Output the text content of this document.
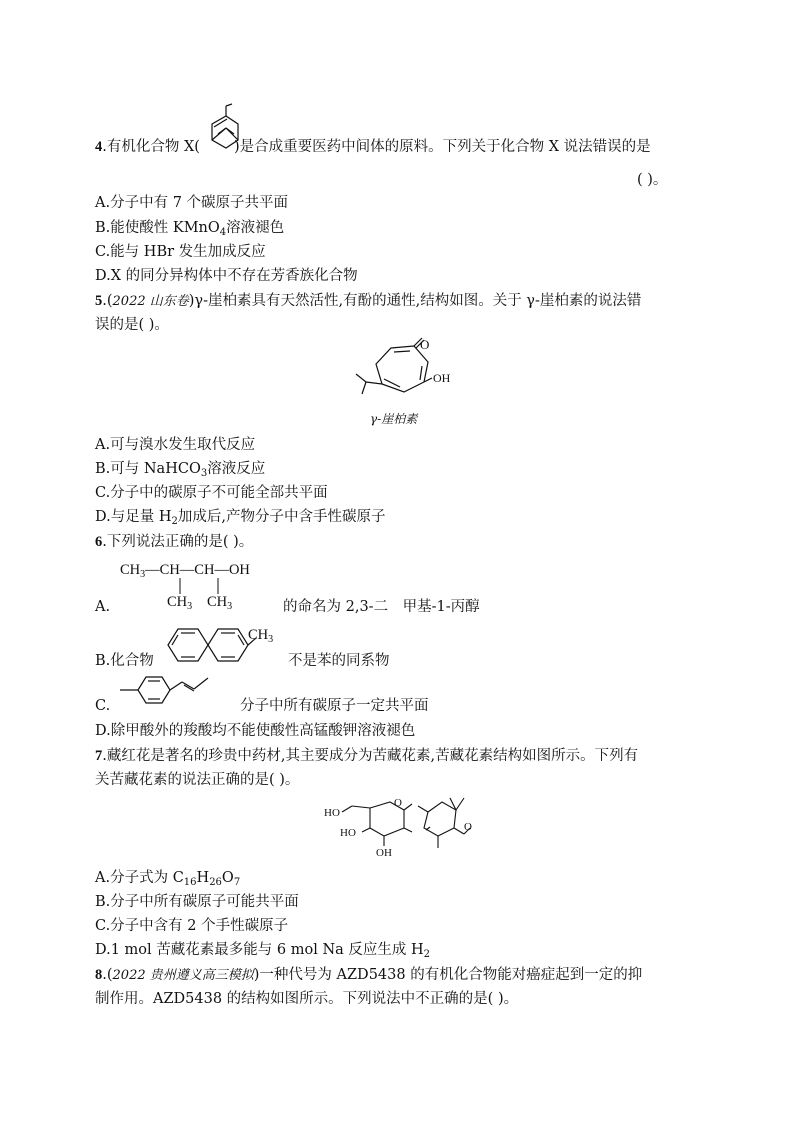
4.有机化合物 X( )是合成重要医药中间体的原料。下列关于化合物 X 说法错误的是
( )。
A.分子中有 7 个碳原子共平面
B.能使酸性 KMnO$_4$溶液褪色
C.能与 HBr 发生加成反应
D.X 的同分异构体中不存在芳香族化合物
5.(2022 山东卷)γ-崖柏素具有天然活性,有酚的通性,结构如图。关于 γ-崖柏素的说法错
误的是( )。
O
OH
γ-崖柏素
A.可与溴水发生取代反应
B.可与 NaHCO$_3$溶液反应
C.分子中的碳原子不可能全部共平面
D.与足量 $H_2$加成后,产物分子中含手性碳原子
6.下列说法正确的是( )。
$CH_3—CH—CH—OH$
$CH_3$ $CH_3$
A.	的命名为 2,3-二　甲基-1-丙醇
B.化合物
$CH_3$
不是苯的同系物
C.	分子中所有碳原子一定共平面
D.除甲酸外的羧酸均不能使酸性高锰酸钾溶液褪色
7.藏红花是著名的珍贵中药材,其主要成分为苦藏花素,苦藏花素结构如图所示。下列有
关苦藏花素的说法正确的是( )。
HO
HO
OH
O
O
A.分子式为 $C_{16}H_{26}O_7$
B.分子中所有碳原子可能共平面
C.分子中含有 2 个手性碳原子
D.1 mol 苦藏花素最多能与 6 mol Na 反应生成 $H_2$
8.(2022 贵州遵义高三模拟)一种代号为 AZD5438 的有机化合物能对癌症起到一定的抑
制作用。AZD5438 的结构如图所示。下列说法中不正确的是( )。
